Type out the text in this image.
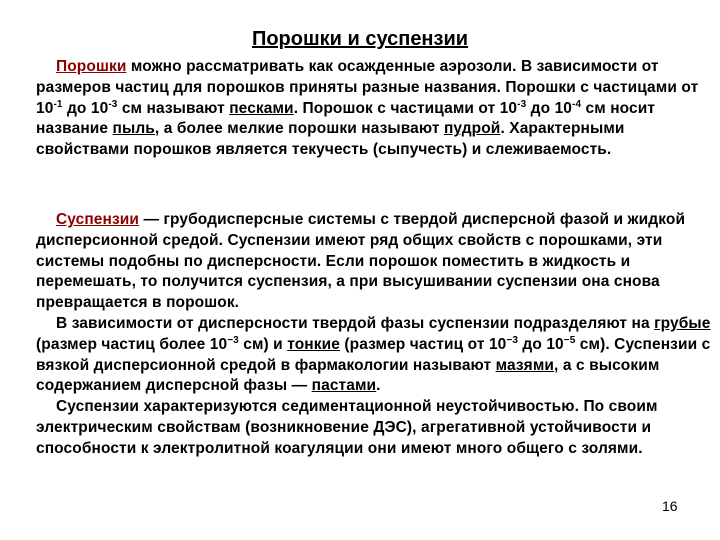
Порошки и суспензии
Порошки можно рассматривать как осажденные аэрозоли. В зависимости от размеров частиц для порошков приняты разные названия. Порошки с частицами от $10^{-1}$ до $10^{-3}$ см называют песками. Порошок с частицами от $10^{-3}$ до $10^{-4}$ см носит название пыль, а более мелкие порошки называют пудрой. Характерными свойствами порошков является текучесть (сыпучесть) и слеживаемость.
Суспензии — грубодисперсные системы с твердой дисперсной фазой и жидкой дисперсионной средой. Суспензии имеют ряд общих свойств с порошками, эти системы подобны по дисперсности. Если порошок поместить в жидкость и перемешать, то получится суспензия, а при высушивании суспензии она снова превращается в порошок.
В зависимости от дисперсности твердой фазы суспензии подразделяют на грубые (размер частиц более $10^{-3}$ см) и тонкие (размер частиц от $10^{-3}$ до $10^{-5}$ см). Суспензии с вязкой дисперсионной средой в фармакологии называют мазями, а с высоким содержанием дисперсной фазы — пастами.
Суспензии характеризуются седиментационной неустойчивостью. По своим электрическим свойствам (возникновение ДЭС), агрегативной устойчивости и способности к электролитной коагуляции они имеют много общего с золями.
16
